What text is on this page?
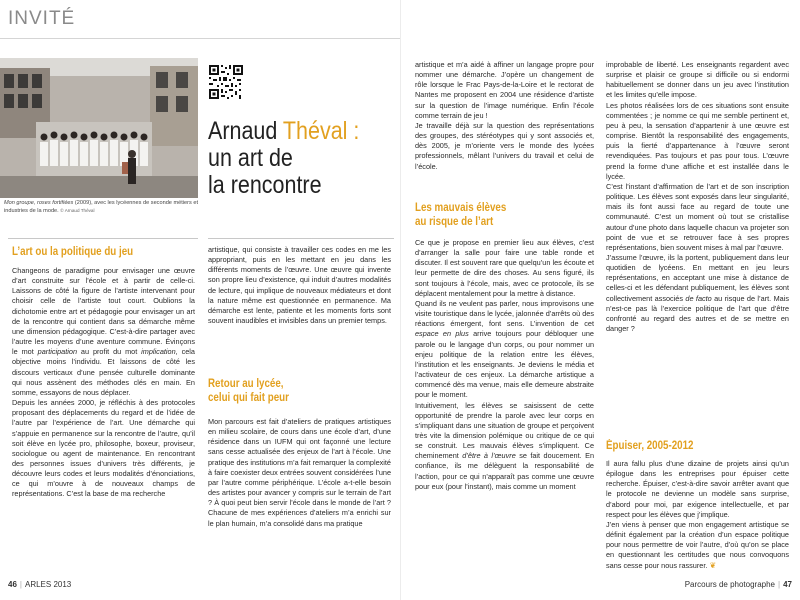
INVITÉ
Mon groupe, roses fortifiées (2009), avec les lycéennes de seconde métiers et industries de la mode. © Arnaud Théval
Arnaud Théval :
un art de
la rencontre
L’art ou la politique du jeu

Changeons de paradigme pour envisager une œuvre d’art construite sur l’école et à partir de celle-ci. Laissons de côté la figure de l’artiste intervenant pour choisir celle de l’artiste tout court. Oublions la dichotomie entre art et pédagogie pour envisager un art de la rencontre qui contient dans sa démarche même une dimension pédagogique. C’est-à-dire partager avec l’autre les moyens d’une aventure commune. Évinçons le mot participation au profit du mot implication, cela objective moins l’individu. Et laissons de côté les discours verticaux d’une pensée culturelle dominante qui nous assènent des méthodes clés en main. En somme, essayons de nous déplacer.

Depuis les années 2000, je réfléchis à des protocoles proposant des déplacements du regard et de l’idée de l’autre par l’expérience de l’art. Une démarche qui s’appuie en permanence sur la rencontre de l’autre, qu’il soit élève en lycée pro, philosophe, boxeur, proviseur, sociologue ou agent de maintenance. En rencontrant des personnes issues d’univers très différents, je découvre leurs codes et leurs modalités d’énonciations, ce qui m’ouvre à de nouveaux champs de représentations. C’est la base de ma recherche

artistique, qui consiste à travailler ces codes en me les appropriant, puis en les mettant en jeu dans les différents moments de l’œuvre. Une œuvre qui invente son propre lieu d’existence, qui induit d’autres modalités de lecture, qui implique de nouveaux médiateurs et dont la nature même est questionnée en permanence. Ma démarche est lente, patiente et les moments forts sont souvent inaudibles et invisibles dans un premier temps.

Retour au lycée,
celui qui fait peur

Mon parcours est fait d’ateliers de pratiques artistiques en milieu scolaire, de cours dans une école d’art, d’une résidence dans un IUFM qui ont façonné une lecture sans cesse actualisée des enjeux de l’art à l’école. Une pratique des institutions m’a fait remarquer la complexité à faire coexister deux entrées souvent considérées l’une par l’autre comme périphérique. L’école a-t-elle besoin des artistes pour avancer y compris sur le terrain de l’art ? À quoi peut bien servir l’école dans le monde de l’art ? Chacune de mes expériences d’ateliers m’a enrichi sur le plan humain, m’a consolidé dans ma pratique

46 | ARLES 2013

artistique et m’a aidé à affiner un langage propre pour nommer une démarche. J’opère un changement de rôle lorsque le Frac Pays-de-la-Loire et le rectorat de Nantes me proposent en 2004 une résidence d’artiste sur la question de l’image numérique. Enfin l’école comme terrain de jeu !

Je travaille déjà sur la question des représentations des groupes, des stéréotypes qui y sont associés et, dès 2005, je m’oriente vers le monde des lycées professionnels, mêlant l’univers du travail et celui de l’école.

Les mauvais élèves
au risque de l’art

Ce que je propose en premier lieu aux élèves, c’est d’arranger la salle pour faire une table ronde et discuter. Il est souvent rare que quelqu’un les écoute et leur permette de dire des choses. Au sens figuré, ils sont toujours à l’école, mais, avec ce protocole, ils se déplacent mentalement pour la mettre à distance.

Quand ils ne veulent pas parler, nous improvisons une visite touristique dans le lycée, jalonnée d’arrêts où des réactions émergent, font sens. L’invention de cet espace en plus arrive toujours pour débloquer une parole ou le langage d’un corps, ou pour nommer un enjeu politique de la relation entre les élèves, l’institution et les enseignants. Je deviens le média et l’activateur de ces enjeux. La démarche artistique a commencé dès ma venue, mais elle demeure abstraite pour le moment.

Intuitivement, les élèves se saisissent de cette opportunité de prendre la parole avec leur corps en s’impliquant dans une situation de groupe et perçoivent très vite la dimension polémique ou critique de ce qui se construit. Les mauvais élèves s’impliquent. Ce cheminement d’être à l’œuvre se fait doucement. En confiance, ils me délèguent la responsabilité de l’action, pour ce qui n’apparaît pas comme une œuvre pour eux (pour l’instant), mais comme un moment

improbable de liberté. Les enseignants regardent avec surprise et plaisir ce groupe si difficile ou si endormi habituellement se donner dans un jeu avec l’institution et les limites qu’elle impose.

Les photos réalisées lors de ces situations sont ensuite commentées ; je nomme ce qui me semble pertinent et, peu à peu, la sensation d’appartenir à une œuvre est comprise. Bientôt la responsabilité des engagements, puis la fierté d’appartenance à l’œuvre seront revendiquées. Pas toujours et pas pour tous. L’œuvre prend la forme d’une affiche et est installée dans le lycée.

C’est l’instant d’affirmation de l’art et de son inscription politique. Les élèves sont exposés dans leur singularité, mais ils font aussi face au regard de toute une communauté. C’est un moment où tout se cristallise autour d’une photo dans laquelle chacun va projeter son point de vue et se retrouver face à ses propres représentations, bien souvent mises à mal par l’œuvre.

J’assume l’œuvre, ils la portent, publiquement dans leur quotidien de lycéens. En mettant en jeu leurs représentations, en acceptant une mise à distance de celles-ci et les défendant publiquement, les élèves sont collectivement associés de facto au risque de l’art. Mais n’est-ce pas là l’exercice politique de l’art que d’être confronté au regard des autres et de se mettre en danger ?

Épuiser, 2005-2012

Il aura fallu plus d’une dizaine de projets ainsi qu’un épilogue dans les entreprises pour épuiser cette recherche. Épuiser, c’est-à-dire savoir arrêter avant que le protocole ne devienne un modèle sans surprise, d’abord pour moi, par exigence intellectuelle, et par respect pour les élèves que j’implique.

J’en viens à penser que mon engagement artistique se définit également par la création d’un espace politique pour nous permettre de voir l’autre, d’où qu’on se place en questionnant les certitudes que nous convoquons sans cesse pour nous rassurer. ❦

Parcours de photographe | 47
